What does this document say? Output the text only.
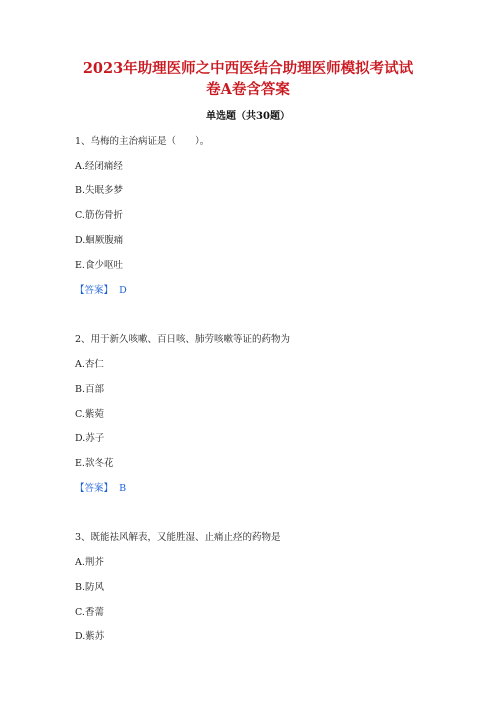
2023年助理医师之中西医结合助理医师模拟考试试
卷A卷含答案
单选题（共30题）
1、乌梅的主治病证是（　　）。
A.经闭痛经
B.失眠多梦
C.筋伤骨折
D.蛔厥腹痛
E.食少呕吐
【答案】 D
2、用于新久咳嗽、百日咳、肺劳咳嗽等证的药物为
A.杏仁
B.百部
C.紫菀
D.苏子
E.款冬花
【答案】 B
3、既能祛风解表，又能胜湿、止痛止痉的药物是
A.荆芥
B.防风
C.香薷
D.紫苏
